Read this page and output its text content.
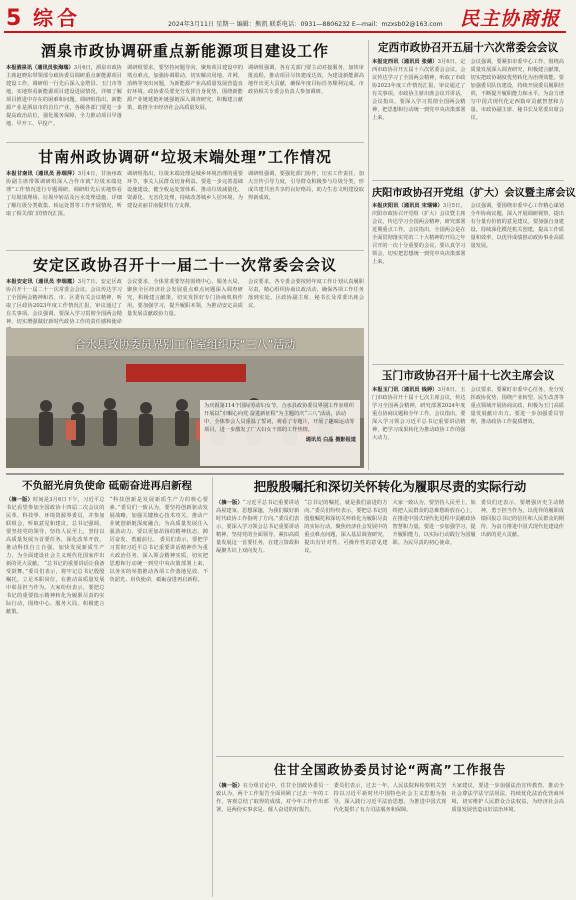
5 综合	2024年3月11日 星期一 编辑：熊凯 联系电话：0931—8806232 E—mail：mzxsb02@163.com 民主协商报
酒泉市政协调研重点新能源项目建设工作
本报酒泉讯（通讯员张海瑞）3月6日，酒泉市政协主席赵晓东带领部分政协委员调研重点新能源项目建设工作。调研组一行先后深入金塔县、玉门市等地，实地察看新能源项目建设进展情况，详细了解项目推进中存在的困难和问题。调研组指出，新能源产业是酒泉市的首位产业，各级各部门要进一步提高政治站位，强化服务保障，全力推动项目早落地、早开工、早投产。
调研组要求，要坚持问题导向，聚焦项目建设中的堵点难点，加强协调联动，切实解决用地、并网、消纳等突出问题，为新能源产业高质量发展营造良好环境。政协委员要充分发挥自身优势，围绕新能源产业链延链补链强链深入调查研究，积极建言献策，助推全市经济社会高质量发展。
调研组强调，各有关部门要主动对接服务，加快审批流程，推动项目尽快建成达效，为建设新能源高地作出更大贡献，确保年度目标任务顺利完成。市政协相关专委会负责人参加调研。
甘南州政协调研“垃圾末端处理”工作情况
本报甘南讯（通讯员 孙瑞萍）3月4日，甘南州政协副主席带领调研组深入合作市就“垃圾末端处理”工作情况进行专题调研。调研组先后实地察看了垃圾填埋场、垃圾中转站及污水处理设施，详细了解垃圾分类收集、转运处置等工作开展情况，听取了相关部门的情况汇报。
调研组指出，垃圾末端处理是城乡环境治理的重要环节，事关人民群众切身利益。要进一步完善基础设施建设，健全收运处置体系，推动垃圾减量化、资源化、无害化处理，持续改善城乡人居环境，为建设美丽甘南提供有力支撑。
调研组强调，要强化部门协作，压实工作责任，加大宣传引导力度，引导群众积极参与垃圾分类，形成共建共治共享的良好格局，助力生态文明建设取得新成效。
安定区政协召开十一届二十一次常委会会议
本报安定讯（通讯员 李瑞霞）3月7日，安定区政协召开十一届二十一次常委会会议。会议传达学习了全国两会精神和省、市、区委有关会议精神，听取了区政协2023年度工作情况汇报，审议通过了有关事项。会议强调，要深入学习贯彻全国两会精神，切实增强做好新时代政协工作的责任感和使命
会议要求，全体常委要坚持围绕中心、服务大局，聚焦全区经济社会发展重点难点问题深入调查研究，积极建言献策，切实发挥好专门协商机构作用。要加强学习，提升履职本领，为推动安定高质量发展贡献政协力量。
会议要求，各专委会要按照年度工作计划认真履职尽责，精心组织协商议政活动，确保各项工作任务落到实处。区政协副主席、秘书长及常委出席会议。
合水县政协委员界别工作室组织庆“三八”活动
为庆祝第114个国际劳动妇女节，合水县政协委员界别工作室组织开展以“巾帼心向党 奋进新征程”为主题的庆“三八”活动。活动中，全体参会人员重温了誓词，观看了专题片，开展了趣味运动等项目，进一步激发了广大妇女干部的工作热情。
通讯员 白晶 摄影报道
定西市政协召开五届十六次常委会会议
本报定西讯（通讯员 张婧）3月6日，定西市政协召开五届十六次常委会会议。会议传达学习了全国两会精神，听取了市政协2023年度工作情况汇报，审议通过了有关事项。市政协主席出席会议并讲话。会议指出，要深入学习贯彻全国两会精神，把思想和行动统一到党中央决策部署上来。
会议强调，要紧扣市委中心工作，围绕高质量发展深入调查研究，积极建言献策，切实把政协制度优势转化为治理效能。要加强委员队伍建设，持续开展委员履职培训，不断提升履职能力和水平，为奋力谱写中国式现代化定西篇章贡献智慧和力量。市政协副主席、秘书长及常委出席会议。
庆阳市政协召开党组（扩大）会议暨主席会议
本报庆阳讯（通讯员 宋瑞锋）3月5日，庆阳市政协召开党组（扩大）会议暨主席会议，传达学习全国两会精神，研究部署近期重点工作。会议指出，全国两会是在全面贯彻落实党的二十大精神的开局之年召开的一次十分重要的会议，要认真学习领会，切实把思想统一到党中央决策部署上来。
会议强调，要围绕市委中心工作精心谋划全年协商议题，深入开展调研视察，提出有分量有价值的意见建议。要加强自身建设，持续深化模范机关创建，提高工作质量和效率，以优异成绩推动政协事业高质量发展。
玉门市政协召开十届十七次主席会议
本报玉门讯（通讯员 钱婷）3月6日，玉门市政协召开十届十七次主席会议，传达学习全国两会精神，研究部署2024年度重点协商议题和全年工作。会议指出，要深入学习领会习近平总书记重要讲话精神，把学习成果转化为推动政协工作的强大动力。
会议要求，要紧盯市委中心任务，充分发挥政协优势，围绕产业转型、民生改善等重点领域开展协商议政，积极为玉门高质量发展献计出力。要进一步加强委员管理，推动政协工作提质增效。
不负韶光肩负使命 砥砺奋进再启新程
（摘一版）时间是3月6日下午，习近平总书记看望参加全国政协十四届二次会议的民革、科技界、环境资源界委员，并参加联组会，听取意见和建议。总书记强调，要坚持党的领导，坚持人民至上，坚持以高质量发展为首要任务，深化改革开放，推动科技自立自强，加快发展新质生产力，为全面建设社会主义现代化国家作出新的更大贡献。 “总书记的重要讲话让我备受鼓舞。”委员们表示，将牢记总书记殷殷嘱托，立足本职岗位，在推动高质量发展中彰显担当作为。大家纷纷表示，要把总书记的重要指示精神转化为履职尽责的实际行动，围绕中心、服务大局，积极建言献策。
“科技创新是发展新质生产力的核心要素。”委员们一致认为，要坚持创新驱动发展战略，加强关键核心技术攻关，推动产业链创新链深度融合，为高质量发展注入强劲动力。要以更加昂扬的精神状态，踔厉奋发、勇毅前行。 委员们表示，要把学习贯彻习近平总书记重要讲话精神作为重大政治任务，深入领会精神实质，切实把思想和行动统一到党中央决策部署上来，以务实的举措推动各项工作落地见效，不负韶光、肩负使命，砥砺奋进再启新程。
把殷殷嘱托和深切关怀转化为履职尽责的实际行动
（摘一版）“习近平总书记重要讲话高屋建瓴、思想深邃，为我们做好新时代政协工作指明了方向。”委员们表示，要深入学习领会总书记重要讲话精神，坚持党的全面领导，紧扣高质量发展这一首要任务，在建言资政和凝聚共识上双向发力。
“总书记的嘱托，就是我们前进的方向。”委员们纷纷表示，要把总书记的殷殷嘱托和深切关怀转化为履职尽责的实际行动，聚焦经济社会发展中的重点难点问题，深入基层调查研究，提出有针对性、可操作性的意见建议。
大家一致认为，要坚持人民至上，始终把人民群众的急难愁盼放在心上，在推进中国式现代化进程中贡献政协智慧和力量。要进一步加强学习，提升履职能力，以实际行动践行为国履职、为民尽责的初心使命。
委员们还表示，要增强历史主动精神，勇于担当作为，以优异的履职成绩回报总书记的信任和人民群众的期待，为奋力推进中国式现代化建设作出新的更大贡献。
住甘全国政协委员讨论“两高”工作报告
（摘一版）在分组讨论中，住甘全国政协委员一致认为，两个工作报告全面回顾了过去一年的工作，客观总结了取得的成绩，对今年工作作出部署，是两份实事求是、催人奋进的好报告。
委员们表示，过去一年，人民法院和检察机关坚持以习近平新时代中国特色社会主义思想为指导，深入践行习近平法治思想，为推进中国式现代化提供了有力司法服务和保障。
大家建议，要进一步加强法治宣传教育，推动全社会尊法学法守法用法，持续优化法治化营商环境，切实维护人民群众合法权益，为经济社会高质量发展营造良好法治环境。
